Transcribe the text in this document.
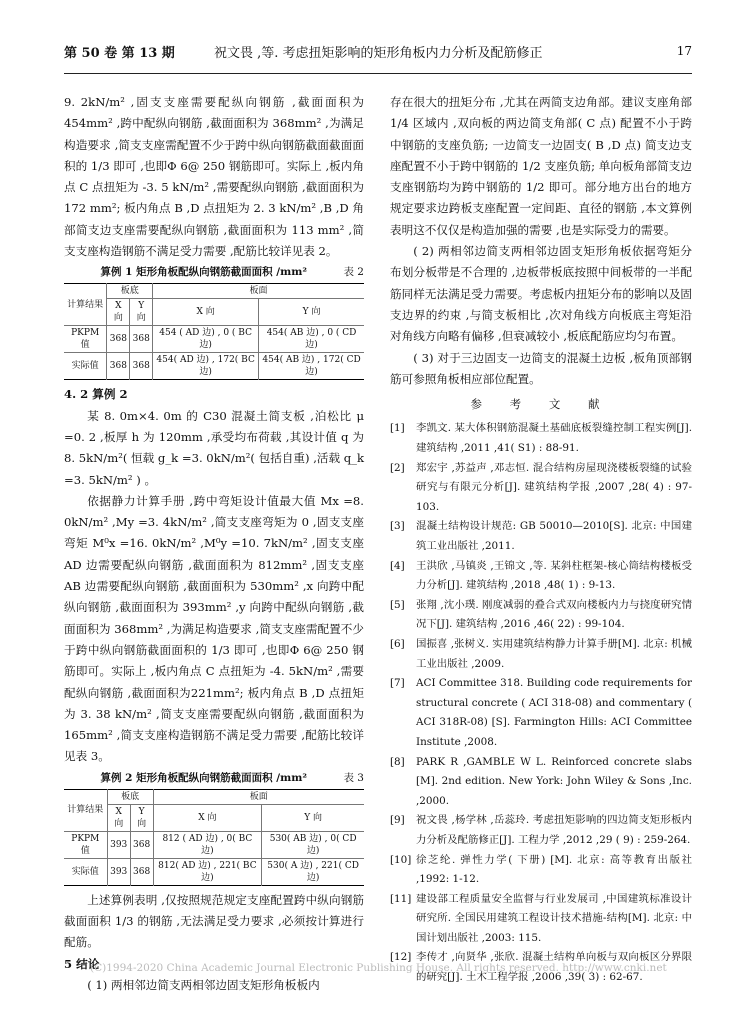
第 50 卷 第 13 期	祝文畏 ,等. 考虑扭矩影响的矩形角板内力分析及配筋修正	17

9. 2kN/m² ,固支支座需要配纵向钢筋 ,截面面积为 454mm² ,跨中配纵向钢筋 ,截面面积为 368mm² ,为满足构造要求 ,简支支座需配置不少于跨中纵向钢筋截面截面面积的 1/3 即可 ,也即Φ 6@ 250 钢筋即可。实际上 ,板内角点 C 点扭矩为 -3. 5 kN/m² ,需要配纵向钢筋 ,截面面积为 172 mm²; 板内角点 B ,D 点扭矩为 2. 3 kN/m² ,B ,D 角部简支边支座需要配纵向钢筋 ,截面面积为 113 mm² ,简支支座构造钢筋不满足受力需要 ,配筋比较详见表 2。

算例 1 矩形角板配纵向钢筋截面面积 /mm²	表 2
计算结果	板底		板面	
	X 向	Y 向	X 向	Y 向
PKPM 值	368	368	454 ( AD 边) , 0 ( BC 边)	454( AB 边) , 0 ( CD 边)
实际值	368	368	454( AD 边) , 172( BC 边)	454( AB 边) , 172( CD 边)

4. 2 算例 2

某 8. 0m×4. 0m 的 C30 混凝土简支板 ,泊松比 μ =0. 2 ,板厚 h 为 120mm ,承受均布荷载 ,其设计值 q 为 8. 5kN/m²( 恒载 g_k =3. 0kN/m²( 包括自重) ,活载 q_k =3. 5kN/m² ) 。

依据静力计算手册 ,跨中弯矩设计值最大值 Mx =8. 0kN/m² ,My =3. 4kN/m² ,简支支座弯矩为 0 ,固支支座弯矩 M⁰x =16. 0kN/m² ,M⁰y =10. 7kN/m² ,固支支座 AD 边需要配纵向钢筋 ,截面面积为 812mm² ,固支支座 AB 边需要配纵向钢筋 ,截面面积为 530mm² ,x 向跨中配纵向钢筋 ,截面面积为 393mm² ,y 向跨中配纵向钢筋 ,截面面积为 368mm² ,为满足构造要求 ,简支支座需配置不少于跨中纵向钢筋截面面积的 1/3 即可 ,也即Φ 6@ 250 钢筋即可。实际上 ,板内角点 C 点扭矩为 -4. 5kN/m² ,需要配纵向钢筋 ,截面面积为221mm²; 板内角点 B ,D 点扭矩为 3. 38 kN/m² ,简支支座需要配纵向钢筋 ,截面面积为 165mm² ,简支支座构造钢筋不满足受力需要 ,配筋比较详见表 3。

算例 2 矩形角板配纵向钢筋截面面积 /mm²	表 3
计算结果	板底		板面	
	X 向	Y 向	X 向	Y 向
PKPM 值	393	368	812 ( AD 边) , 0( BC 边)	530( AB 边) , 0( CD 边)
实际值	393	368	812( AD 边) , 221( BC 边)	530( A 边) , 221( CD 边)

上述算例表明 ,仅按照规范规定支座配置跨中纵向钢筋截面面积 1/3 的钢筋 ,无法满足受力要求 ,必须按计算进行配筋。

5 结论

( 1) 两相邻边简支两相邻边固支矩形角板板内

存在很大的扭矩分布 ,尤其在两简支边角部。建议支座角部 1/4 区域内 ,双向板的两边简支角部( C 点) 配置不小于跨中钢筋的支座负筋; 一边简支一边固支( B ,D 点) 简支边支座配置不小于跨中钢筋的 1/2 支座负筋; 单向板角部简支边支座钢筋均为跨中钢筋的 1/2 即可。部分地方出台的地方规定要求边跨板支座配置一定间距、直径的钢筋 ,本文算例表明这不仅仅是构造加强的需要 ,也是实际受力的需要。

( 2) 两相邻边简支两相邻边固支矩形角板依据弯矩分布划分板带是不合理的 ,边板带板底按照中间板带的一半配筋同样无法满足受力需要。考虑板内扭矩分布的影响以及固支边界的约束 ,与简支板相比 ,次对角线方向板底主弯矩沿对角线方向略有偏移 ,但衰减较小 ,板底配筋应均匀布置。

( 3) 对于三边固支一边简支的混凝土边板 ,板角顶部钢筋可参照角板相应部位配置。

参 考 文 献
[1]	李凯文. 某大体积钢筋混凝土基础底板裂缝控制工程实例[J]. 建筑结构 ,2011 ,41( S1) : 88-91.
[2]	郑宏宇 ,苏益声 ,邓志恒. 混合结构房屋现浇楼板裂缝的试验研究与有限元分析[J]. 建筑结构学报 ,2007 ,28( 4) : 97-103.
[3]	混凝土结构设计规范: GB 50010—2010[S]. 北京: 中国建筑工业出版社 ,2011.
[4]	王洪欣 ,马镇炎 ,王锦文 ,等. 某斜柱框架-核心筒结构楼板受力分析[J]. 建筑结构 ,2018 ,48( 1) : 9-13.
[5]	张翔 ,沈小璞. 刚度减弱的叠合式双向楼板内力与挠度研究情况下[J]. 建筑结构 ,2016 ,46( 22) : 99-104.
[6]	国振喜 ,张树义. 实用建筑结构静力计算手册[M]. 北京: 机械工业出版社 ,2009.
[7]	ACI Committee 318. Building code requirements for structural concrete ( ACI 318-08) and commentary ( ACI 318R-08) [S]. Farmington Hills: ACI Committee Institute ,2008.
[8]	PARK R ,GAMBLE W L. Reinforced concrete slabs [M]. 2nd edition. New York: John Wiley & Sons ,Inc. ,2000.
[9]	祝文畏 ,杨学林 ,岳蕊玲. 考虑扭矩影响的四边简支矩形板内力分析及配筋修正[J]. 工程力学 ,2012 ,29 ( 9) : 259-264.
[10] 徐芝纶. 弹性力学( 下册) [M]. 北京: 高等教育出版社 ,1992: 1-12.
[11] 建设部工程质量安全监督与行业发展司 ,中国建筑标准设计研究所. 全国民用建筑工程设计技术措施-结构[M]. 北京: 中国计划出版社 ,2003: 115.
[12] 李传才 ,向贤华 ,张欣. 混凝土结构单向板与双向板区分界限的研究[J]. 土木工程学报 ,2006 ,39( 3) : 62-67.
(C)1994-2020 China Academic Journal Electronic Publishing House. All rights reserved. http://www.cnki.net
